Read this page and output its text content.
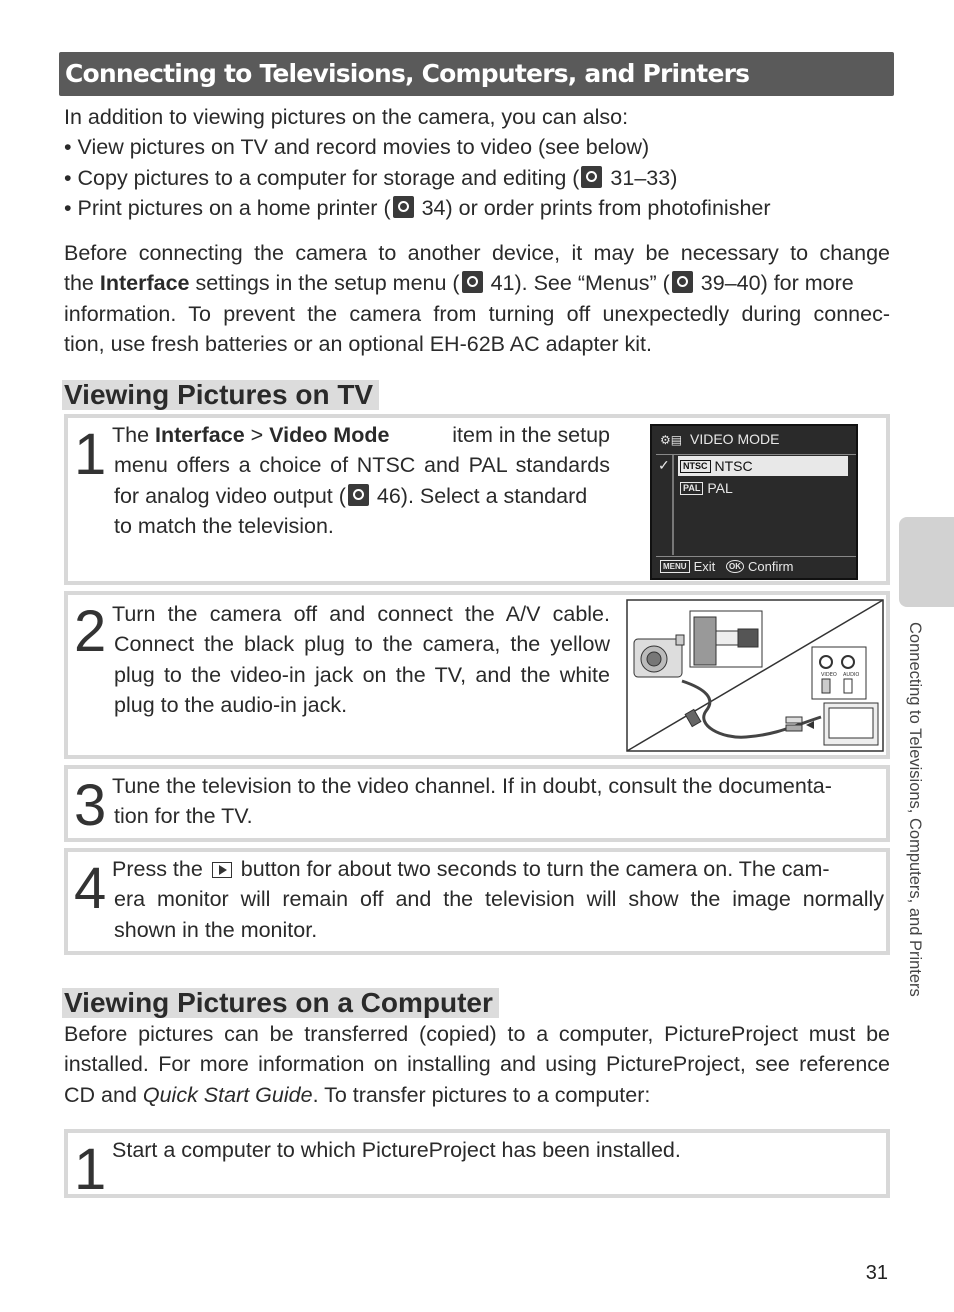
Connecting to Televisions, Computers, and Printers
In addition to viewing pictures on the camera, you can also:
• View pictures on TV and record movies to video (see below)
• Copy pictures to a computer for storage and editing ( 31–33)
• Print pictures on a home printer ( 34) or order prints from photofinisher
Before connecting the camera to another device, it may be necessary to change
the Interface settings in the setup menu ( 41). See “Menus” ( 39–40) for more
information. To prevent the camera from turning off unexpectedly during connec-
tion, use fresh batteries or an optional EH-62B AC adapter kit.
Viewing Pictures on TV
1 The Interface > Video Mode	item in the setup
menu offers a choice of NTSC and PAL standards
for analog video output ( 46). Select a standard
to match the television.
⚙▤ VIDEO MODE
✓	NTSC NTSC
PAL PAL
MENU Exit	OK Confirm
2 Turn the camera off and connect the A/V cable.
Connect the black plug to the camera, the yellow
plug to the video-in jack on the TV, and the white
plug to the audio-in jack.
VIDEO AUDIO
3 Tune the television to the video channel. If in doubt, consult the documenta-
tion for the TV.
4 Press the  button for about two seconds to turn the camera on. The cam-
era monitor will remain off and the television will show the image normally
shown in the monitor.
Viewing Pictures on a Computer
Before pictures can be transferred (copied) to a computer, PictureProject must be
installed. For more information on installing and using PictureProject, see reference
CD and Quick Start Guide. To transfer pictures to a computer:
1 Start a computer to which PictureProject has been installed.
Connecting to Televisions, Computers, and Printers
31
